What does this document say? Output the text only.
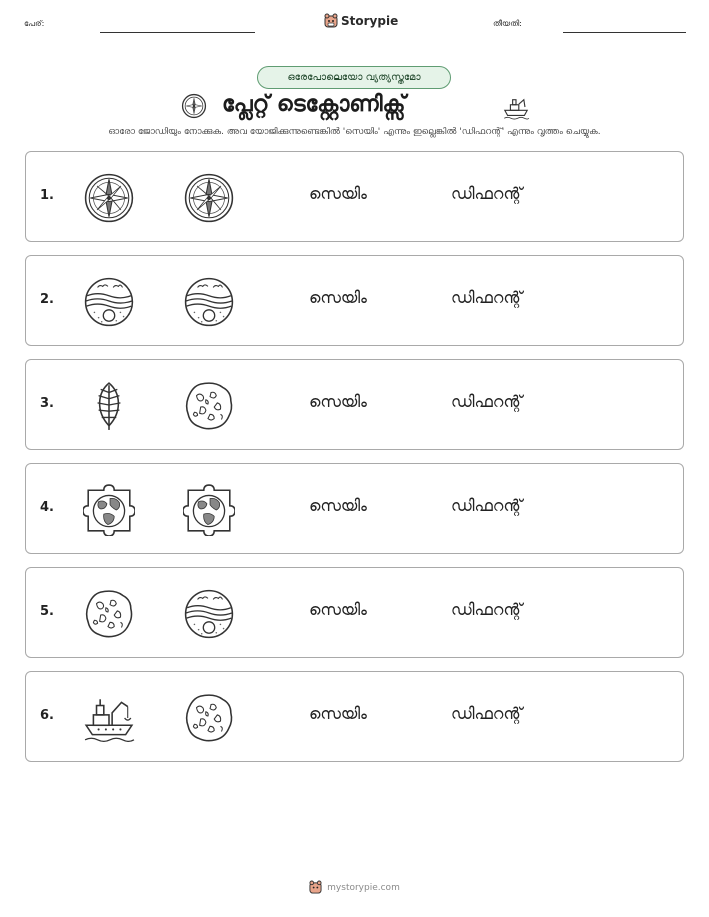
പേര്:	Storypie	തീയതി:
ഒരേപോലെയോ വ്യത്യസ്തമോ
പ്ലേറ്റ് ടെക്റ്റോണിക്സ്
ഓരോ ജോഡിയും നോക്കുക. അവ യോജിക്കുന്നുണ്ടെങ്കിൽ 'സെയിം' എന്നും ഇല്ലെങ്കിൽ 'ഡിഫറന്റ്' എന്നും വൃത്തം ചെയ്യുക.
1.	സെയിം	ഡിഫറന്റ്
2.	സെയിം	ഡിഫറന്റ്
3.	സെയിം	ഡിഫറന്റ്
4.	സെയിം	ഡിഫറന്റ്
5.	സെയിം	ഡിഫറന്റ്
6.	സെയിം	ഡിഫറന്റ്
mystorypie.com
